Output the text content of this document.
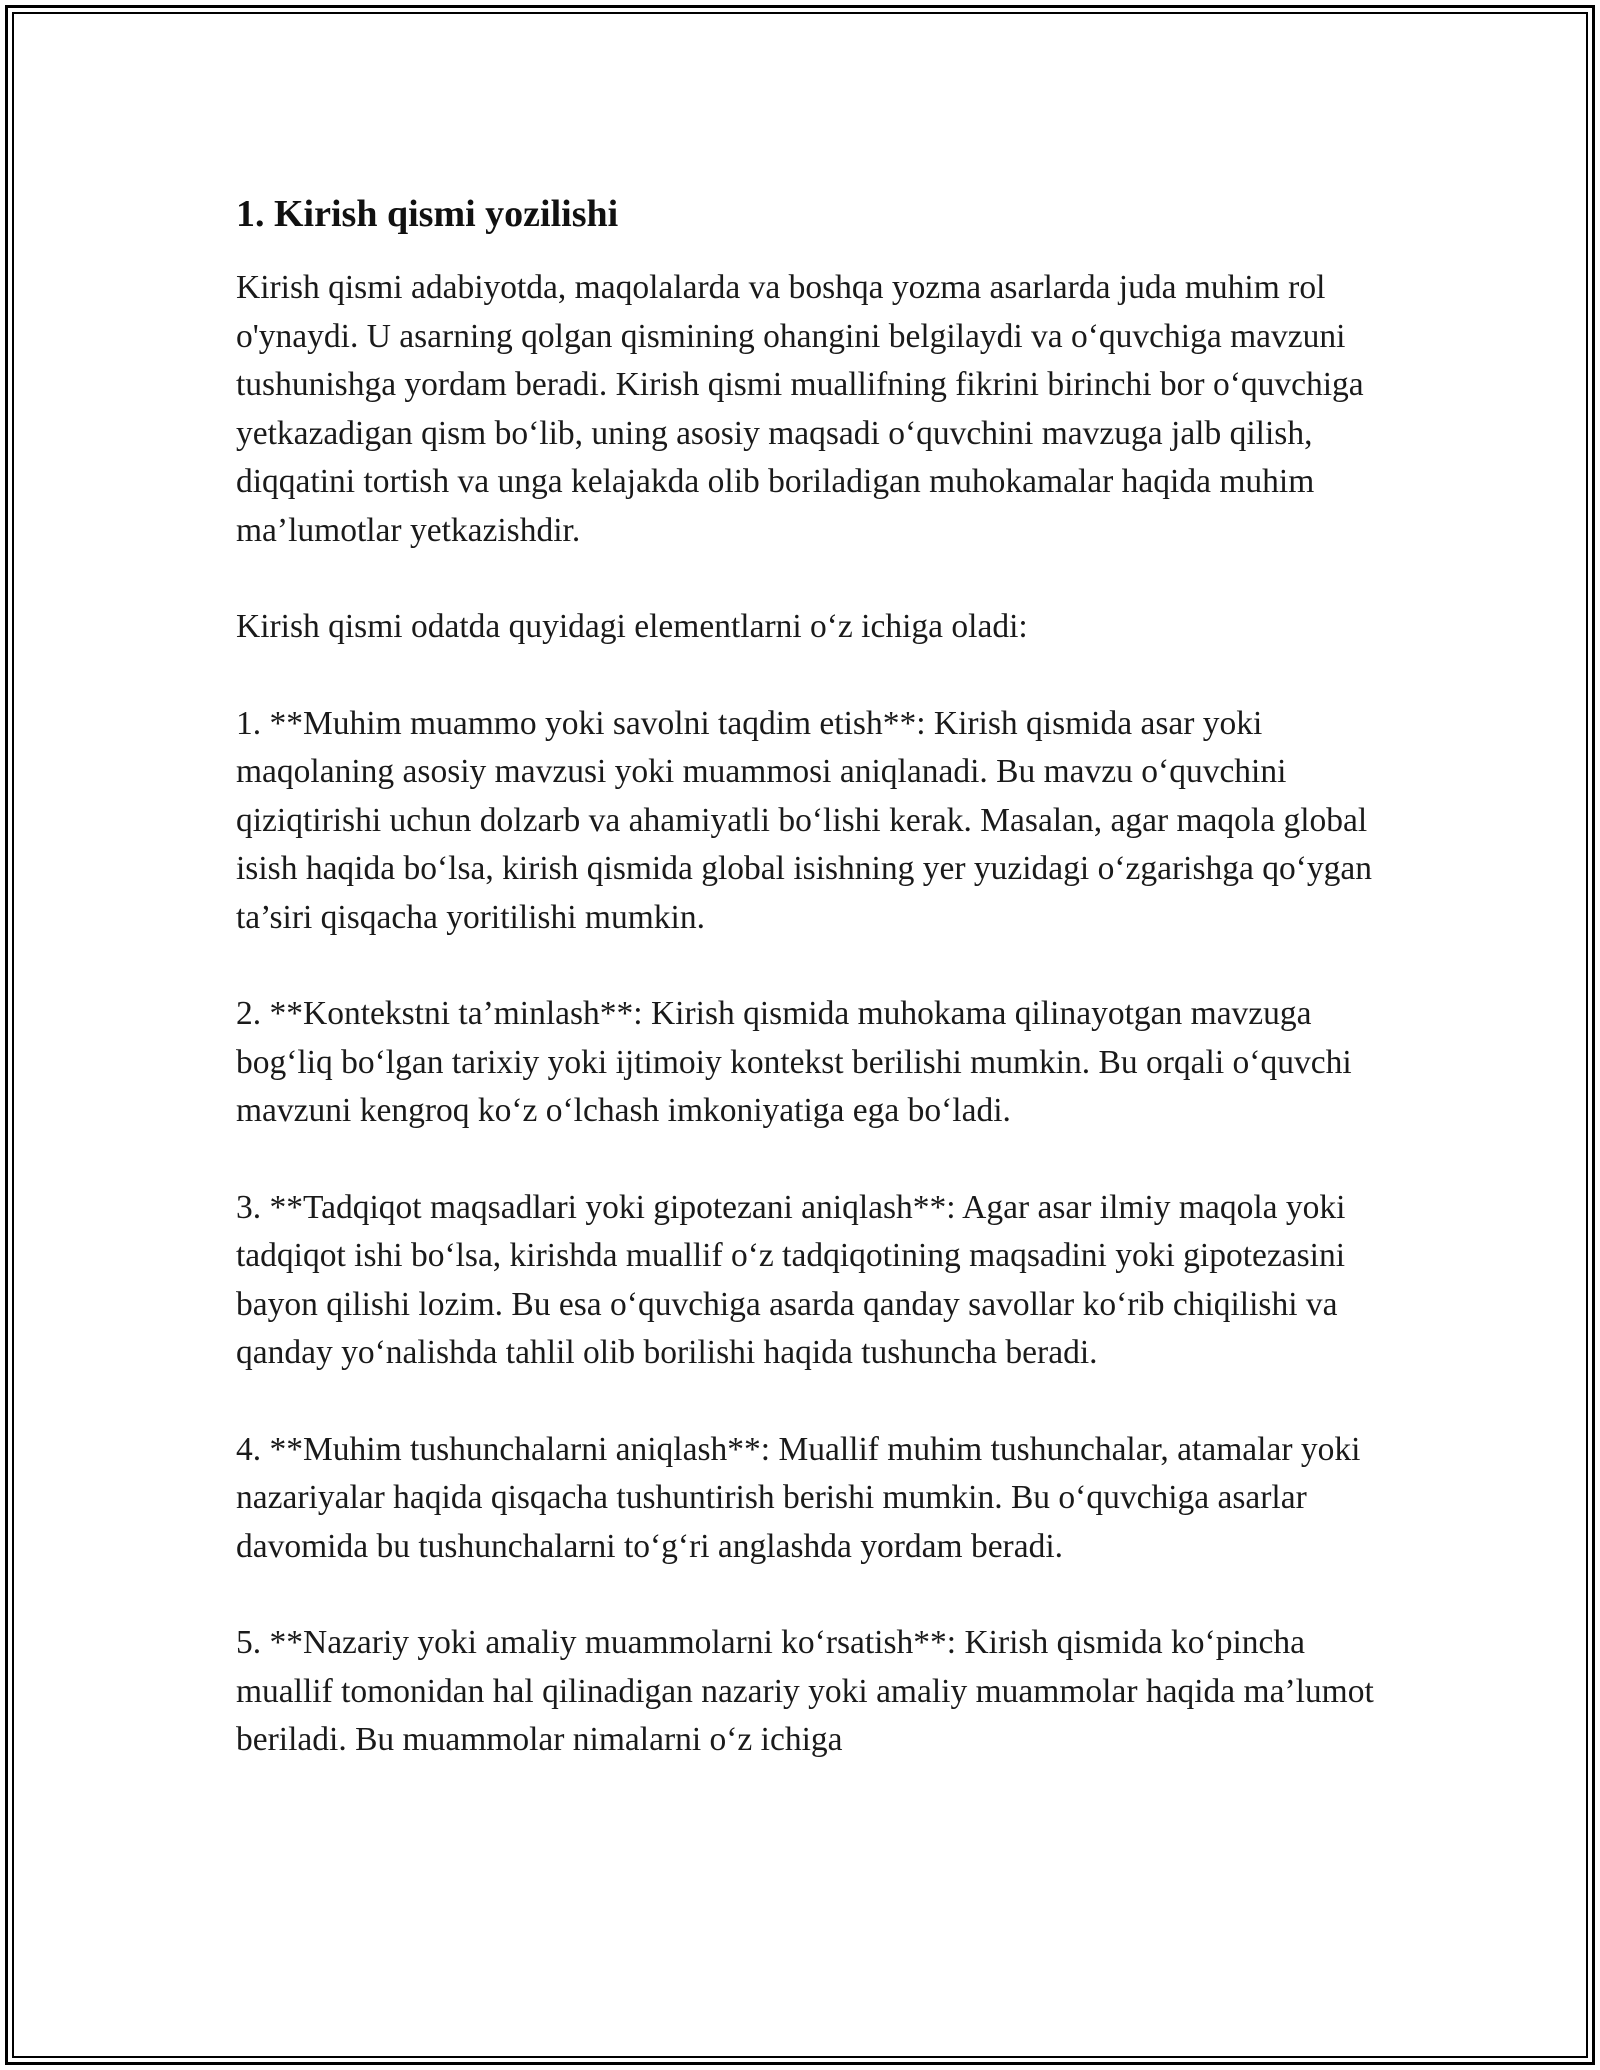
1. Kirish qismi yozilishi

Kirish qismi adabiyotda, maqolalarda va boshqa yozma asarlarda juda muhim rol o'ynaydi. U asarning qolgan qismining ohangini belgilaydi va o‘quvchiga mavzuni tushunishga yordam beradi. Kirish qismi muallifning fikrini birinchi bor o‘quvchiga yetkazadigan qism bo‘lib, uning asosiy maqsadi o‘quvchini mavzuga jalb qilish, diqqatini tortish va unga kelajakda olib boriladigan muhokamalar haqida muhim ma’lumotlar yetkazishdir.

Kirish qismi odatda quyidagi elementlarni o‘z ichiga oladi:

1. **Muhim muammo yoki savolni taqdim etish**: Kirish qismida asar yoki maqolaning asosiy mavzusi yoki muammosi aniqlanadi. Bu mavzu o‘quvchini qiziqtirishi uchun dolzarb va ahamiyatli bo‘lishi kerak. Masalan, agar maqola global isish haqida bo‘lsa, kirish qismida global isishning yer yuzidagi o‘zgarishga qo‘ygan ta’siri qisqacha yoritilishi mumkin.

2. **Kontekstni ta’minlash**: Kirish qismida muhokama qilinayotgan mavzuga bog‘liq bo‘lgan tarixiy yoki ijtimoiy kontekst berilishi mumkin. Bu orqali o‘quvchi mavzuni kengroq ko‘z o‘lchash imkoniyatiga ega bo‘ladi.

3. **Tadqiqot maqsadlari yoki gipotezani aniqlash**: Agar asar ilmiy maqola yoki tadqiqot ishi bo‘lsa, kirishda muallif o‘z tadqiqotining maqsadini yoki gipotezasini bayon qilishi lozim. Bu esa o‘quvchiga asarda qanday savollar ko‘rib chiqilishi va qanday yo‘nalishda tahlil olib borilishi haqida tushuncha beradi.

4. **Muhim tushunchalarni aniqlash**: Muallif muhim tushunchalar, atamalar yoki nazariyalar haqida qisqacha tushuntirish berishi mumkin. Bu o‘quvchiga asarlar davomida bu tushunchalarni to‘g‘ri anglashda yordam beradi.

5. **Nazariy yoki amaliy muammolarni ko‘rsatish**: Kirish qismida ko‘pincha muallif tomonidan hal qilinadigan nazariy yoki amaliy muammolar haqida ma’lumot beriladi. Bu muammolar nimalarni o‘z ichiga
